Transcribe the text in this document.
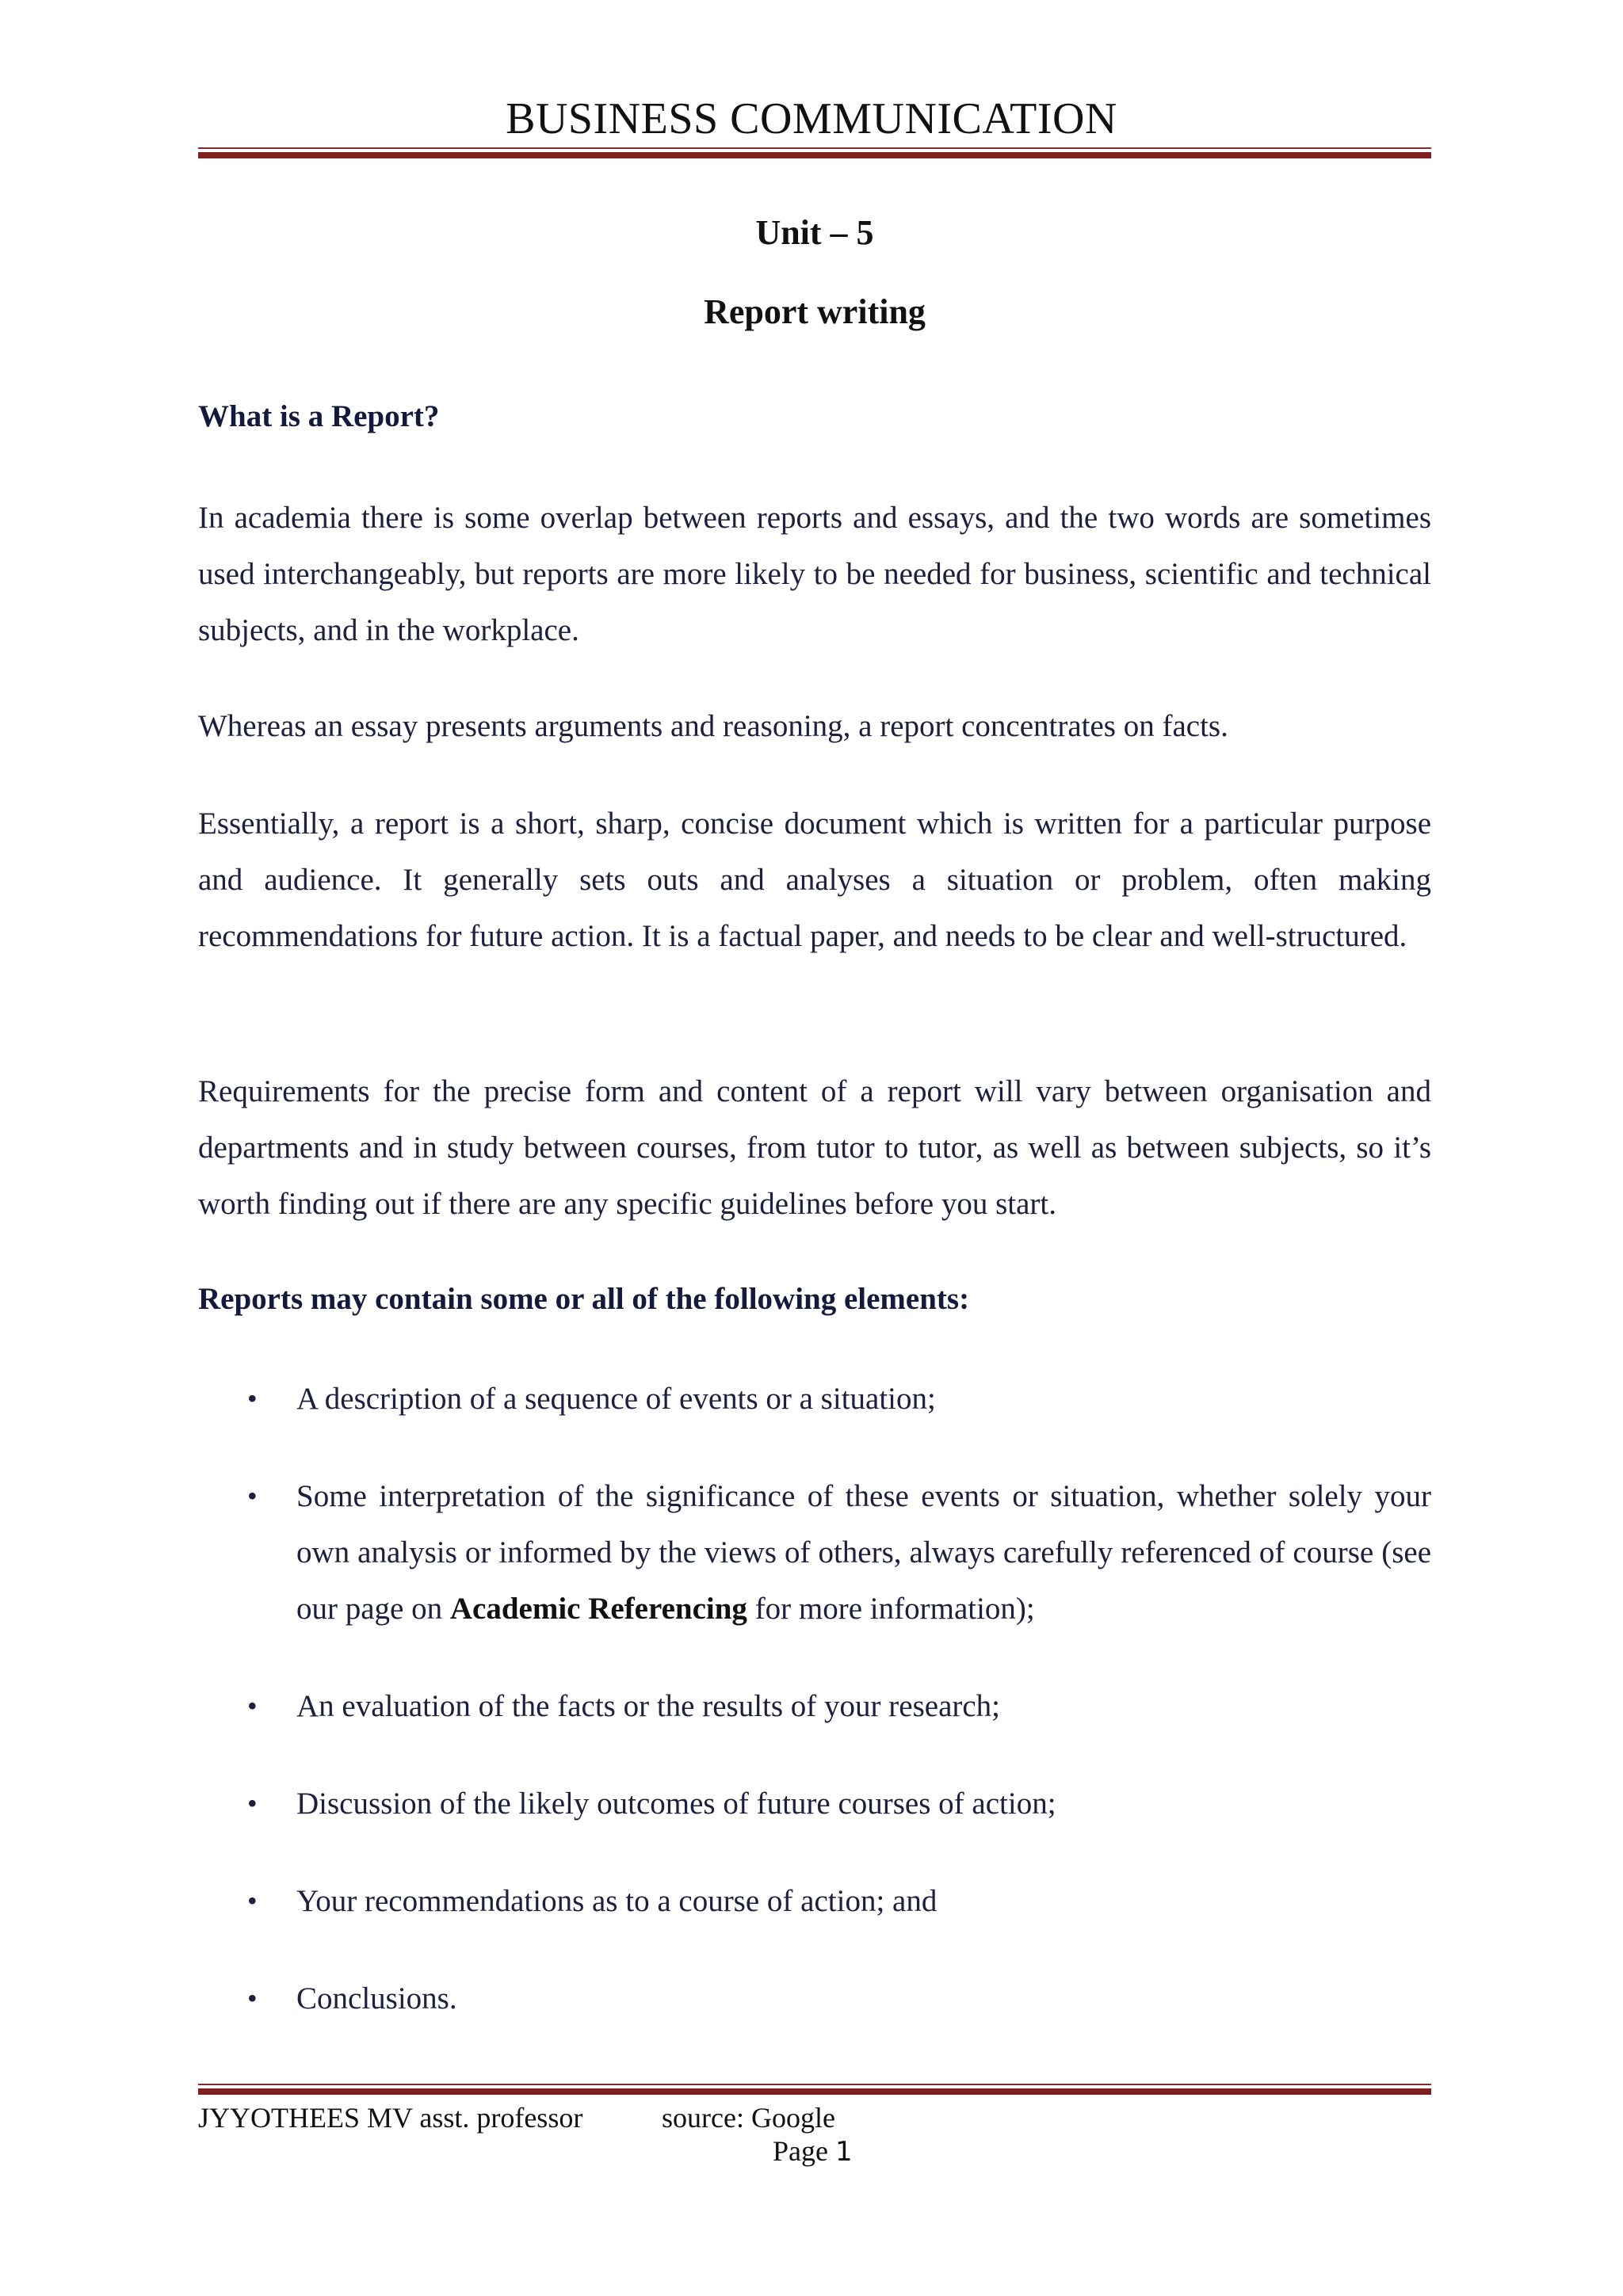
BUSINESS COMMUNICATION
Unit – 5
Report writing
What is a Report?
In academia there is some overlap between reports and essays, and the two words are sometimes used interchangeably, but reports are more likely to be needed for business, scientific and technical subjects, and in the workplace.
Whereas an essay presents arguments and reasoning, a report concentrates on facts.
Essentially, a report is a short, sharp, concise document which is written for a particular purpose and audience. It generally sets outs and analyses a situation or problem, often making recommendations for future action. It is a factual paper, and needs to be clear and well-structured.
Requirements for the precise form and content of a report will vary between organisation and departments and in study between courses, from tutor to tutor, as well as between subjects, so it’s worth finding out if there are any specific guidelines before you start.
Reports may contain some or all of the following elements:
• A description of a sequence of events or a situation;
• Some interpretation of the significance of these events or situation, whether solely your own analysis or informed by the views of others, always carefully referenced of course (see our page on Academic Referencing for more information);
• An evaluation of the facts or the results of your research;
• Discussion of the likely outcomes of future courses of action;
• Your recommendations as to a course of action; and
• Conclusions.
JYYOTHEES MV asst. professor	source: Google
Page 1
